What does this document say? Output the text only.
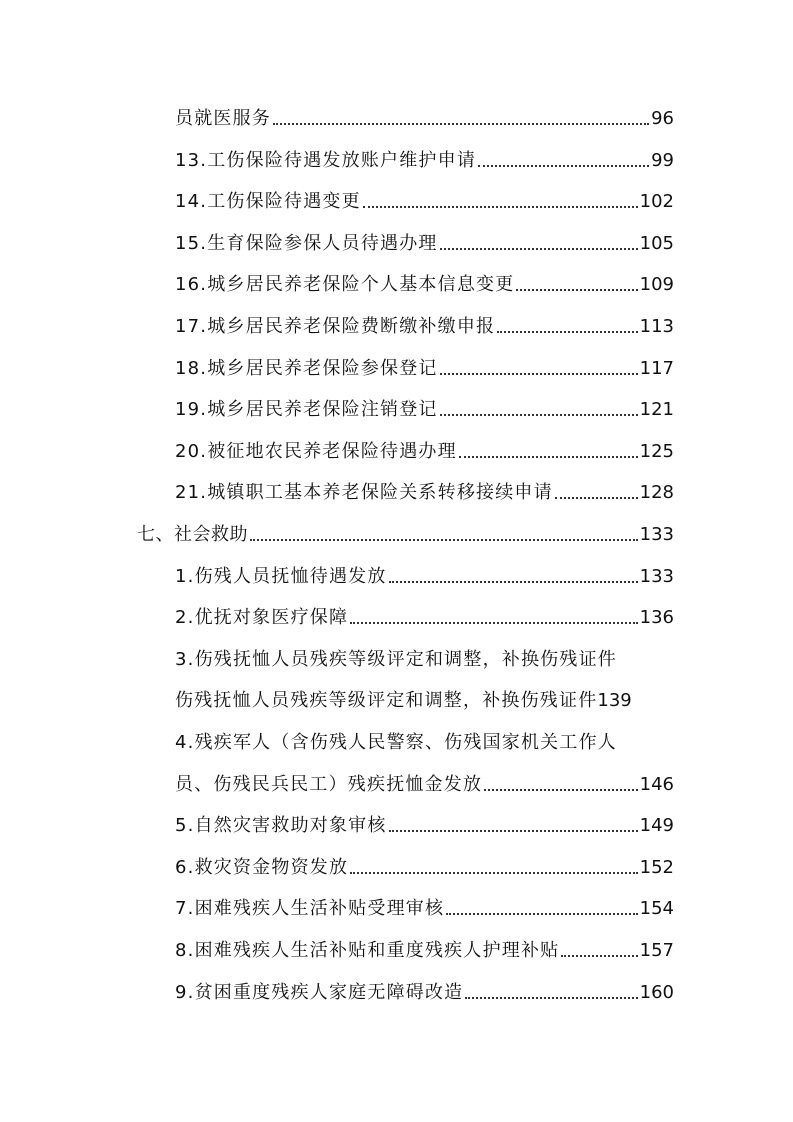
员就医服务	96
13.工伤保险待遇发放账户维护申请	99
14.工伤保险待遇变更	102
15.生育保险参保人员待遇办理	105
16.城乡居民养老保险个人基本信息变更	109
17.城乡居民养老保险费断缴补缴申报	113
18.城乡居民养老保险参保登记	117
19.城乡居民养老保险注销登记	121
20.被征地农民养老保险待遇办理	125
21.城镇职工基本养老保险关系转移接续申请	128
七、社会救助	133
1.伤残人员抚恤待遇发放	133
2.优抚对象医疗保障	136
3.伤残抚恤人员残疾等级评定和调整，补换伤残证件
伤残抚恤人员残疾等级评定和调整，补换伤残证件 139
4.残疾军人（含伤残人民警察、伤残国家机关工作人
员、伤残民兵民工）残疾抚恤金发放	146
5.自然灾害救助对象审核	149
6.救灾资金物资发放	152
7.困难残疾人生活补贴受理审核	154
8.困难残疾人生活补贴和重度残疾人护理补贴	157
9.贫困重度残疾人家庭无障碍改造	160
